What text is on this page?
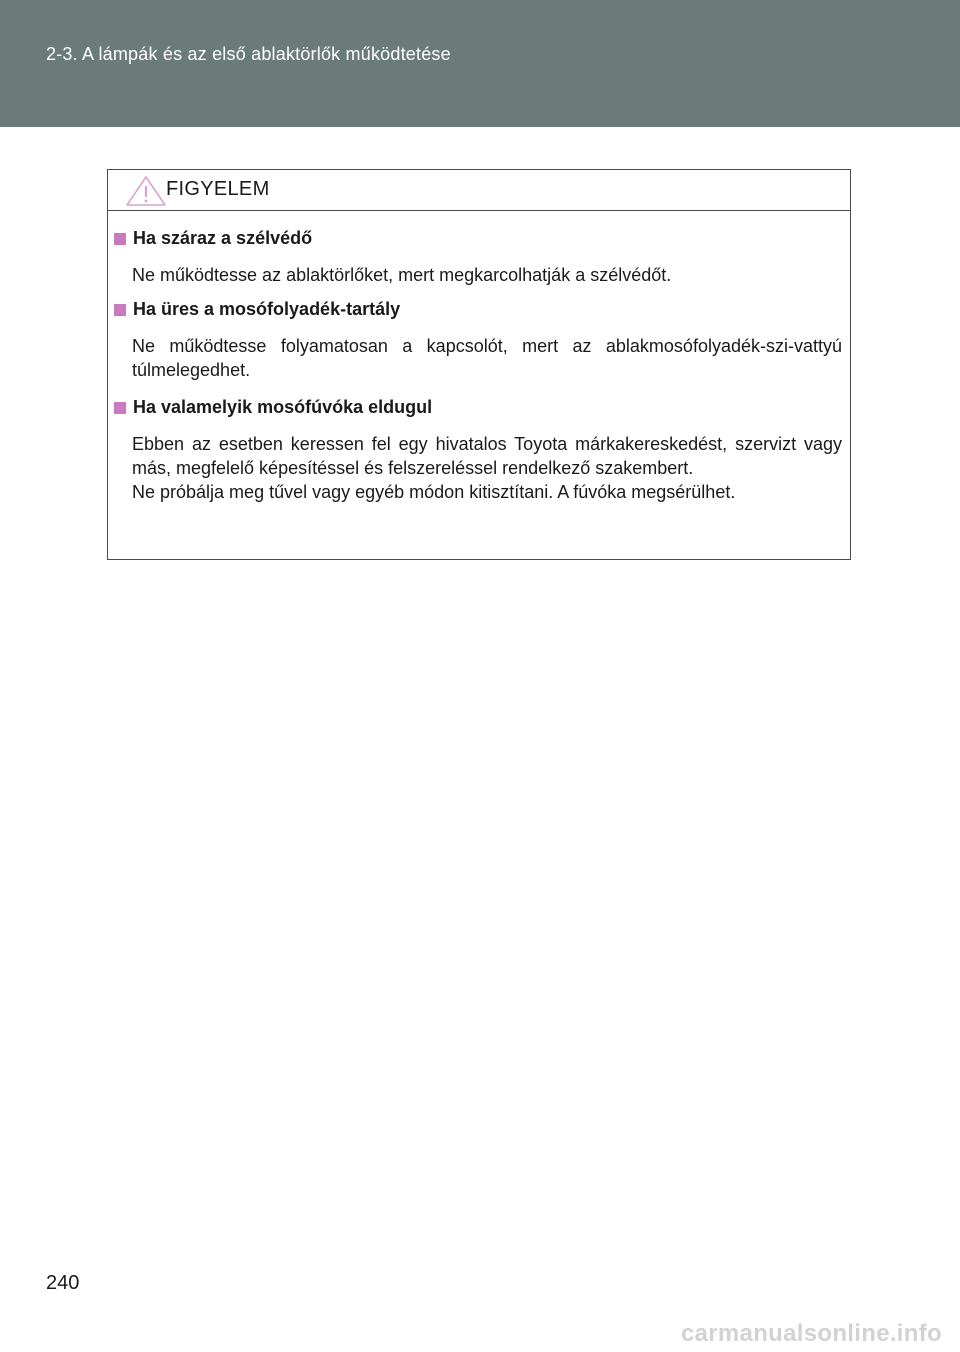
2-3. A lámpák és az első ablaktörlők működtetése
FIGYELEM
Ha száraz a szélvédő
Ne működtesse az ablaktörlőket, mert megkarcolhatják a szélvédőt.
Ha üres a mosófolyadék-tartály
Ne működtesse folyamatosan a kapcsolót, mert az ablakmosófolyadék-szi-vattyú túlmelegedhet.
Ha valamelyik mosófúvóka eldugul
Ebben az esetben keressen fel egy hivatalos Toyota márkakereskedést, szervizt vagy más, megfelelő képesítéssel és felszereléssel rendelkező szakembert.
Ne próbálja meg tűvel vagy egyéb módon kitisztítani. A fúvóka megsérülhet.
240
carmanualsonline.info
